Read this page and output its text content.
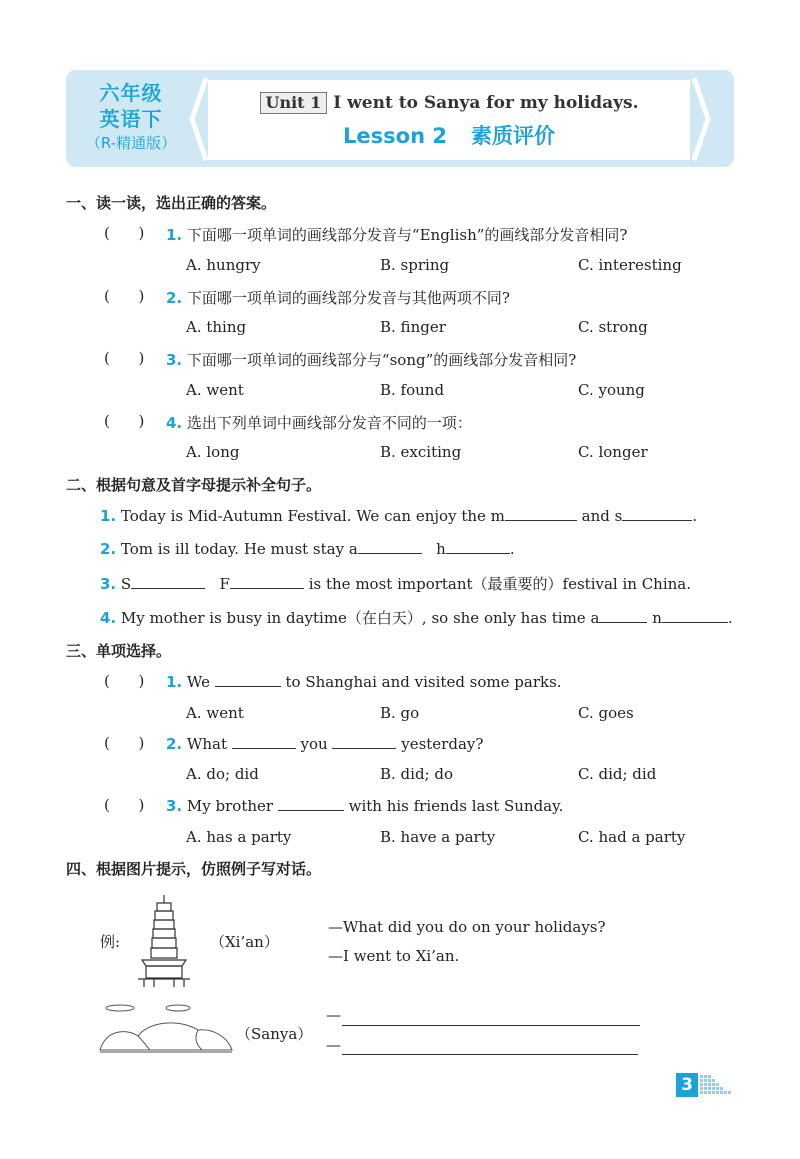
六年级
英语下
（R-精通版）
Unit 1 I went to Sanya for my holidays.
Lesson 2 素质评价
一、读一读，选出正确的答案。
(      ) 1. 下面哪一项单词的画线部分发音与“English”的画线部分发音相同?
A. hungry	B. spring	C. interesting
(      ) 2. 下面哪一项单词的画线部分发音与其他两项不同?
A. thing	B. finger	C. strong
(      ) 3. 下面哪一项单词的画线部分与“song”的画线部分发音相同?
A. went	B. found	C. young
(      ) 4. 选出下列单词中画线部分发音不同的一项：
A. long	B. exciting	C. longer
二、根据句意及首字母提示补全句子。
1. Today is Mid-Autumn Festival. We can enjoy the m	and s	.
2. Tom is ill today. He must stay a	h	.
3. S	F	is the most important（最重要的）festival in China.
4. My mother is busy in daytime（在白天）, so she only has time a	n	.
三、单项选择。
(      ) 1. We	to Shanghai and visited some parks.
A. went	B. go	C. goes
(      ) 2. What	you	yesterday?
A. do; did	B. did; do	C. did; did
(      ) 3. My brother	with his friends last Sunday.
A. has a party	B. have a party	C. had a party
四、根据图片提示，仿照例子写对话。
例:	（Xi’an）
—What did you do on your holidays?
—I went to Xi’an.
（Sanya）
—
—
3
